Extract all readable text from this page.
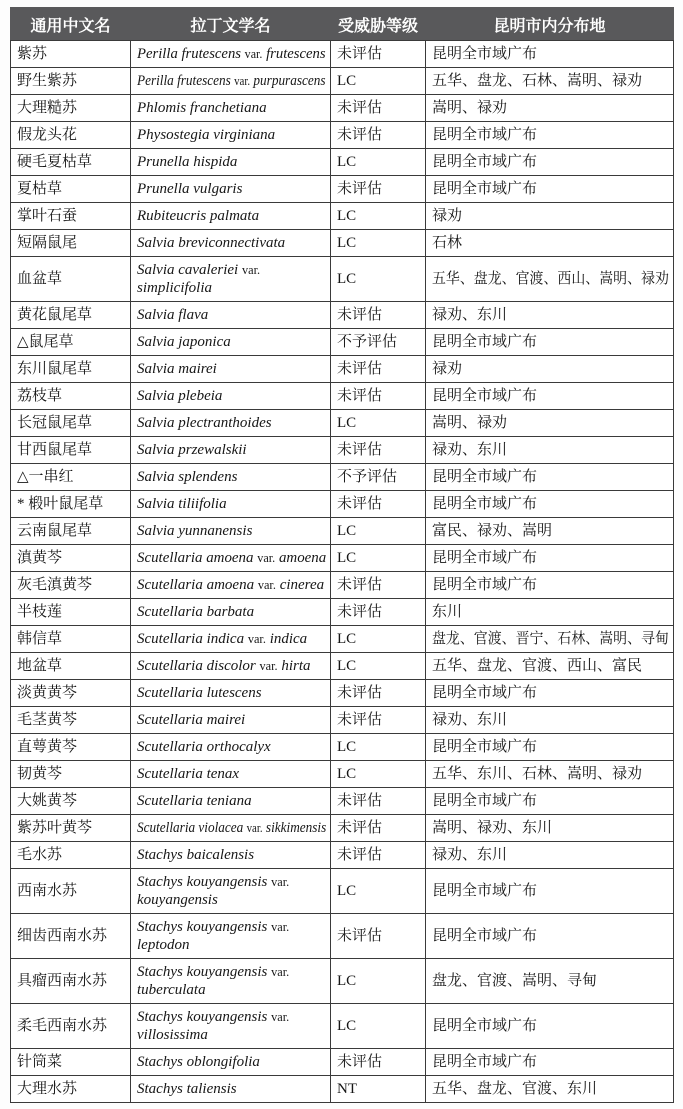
通用中文名	拉丁文学名	受威胁等级	昆明市内分布地

紫苏	Perilla frutescens var. frutescens	未评估	昆明全市域广布

野生紫苏	Perilla frutescens var. purpurascens	LC	五华、盘龙、石林、嵩明、禄劝

大理糙苏	Phlomis franchetiana	未评估	嵩明、禄劝

假龙头花	Physostegia virginiana	未评估	昆明全市域广布

硬毛夏枯草	Prunella hispida	LC	昆明全市域广布

夏枯草	Prunella vulgaris	未评估	昆明全市域广布

掌叶石蚕	Rubiteucris palmata	LC	禄劝

短隔鼠尾	Salvia breviconnectivata	LC	石林

血盆草	Salvia cavaleriei var.
simplicifolia	LC	五华、盘龙、官渡、西山、嵩明、禄劝

黄花鼠尾草	Salvia flava	未评估	禄劝、东川

△鼠尾草	Salvia japonica	不予评估	昆明全市域广布

东川鼠尾草	Salvia mairei	未评估	禄劝

荔枝草	Salvia plebeia	未评估	昆明全市域广布

长冠鼠尾草	Salvia plectranthoides	LC	嵩明、禄劝

甘西鼠尾草	Salvia przewalskii	未评估	禄劝、东川

△一串红	Salvia splendens	不予评估	昆明全市域广布

* 椴叶鼠尾草	Salvia tiliifolia	未评估	昆明全市域广布

云南鼠尾草	Salvia yunnanensis	LC	富民、禄劝、嵩明

滇黄芩	Scutellaria amoena var. amoena	LC	昆明全市域广布

灰毛滇黄芩	Scutellaria amoena var. cinerea	未评估	昆明全市域广布

半枝莲	Scutellaria barbata	未评估	东川

韩信草	Scutellaria indica var. indica	LC	盘龙、官渡、晋宁、石林、嵩明、寻甸

地盆草	Scutellaria discolor var. hirta	LC	五华、盘龙、官渡、西山、富民

淡黄黄芩	Scutellaria lutescens	未评估	昆明全市域广布

毛茎黄芩	Scutellaria mairei	未评估	禄劝、东川

直萼黄芩	Scutellaria orthocalyx	LC	昆明全市域广布

韧黄芩	Scutellaria tenax	LC	五华、东川、石林、嵩明、禄劝

大姚黄芩	Scutellaria teniana	未评估	昆明全市域广布

紫苏叶黄芩	Scutellaria violacea var. sikkimensis	未评估	嵩明、禄劝、东川

毛水苏	Stachys baicalensis	未评估	禄劝、东川

西南水苏	Stachys kouyangensis var.
kouyangensis	LC	昆明全市域广布

细齿西南水苏	Stachys kouyangensis var.
leptodon	未评估	昆明全市域广布

具瘤西南水苏	Stachys kouyangensis var.
tuberculata	LC	盘龙、官渡、嵩明、寻甸

柔毛西南水苏	Stachys kouyangensis var.
villosissima	LC	昆明全市域广布

针筒菜	Stachys oblongifolia	未评估	昆明全市域广布

大理水苏	Stachys taliensis	NT	五华、盘龙、官渡、东川
